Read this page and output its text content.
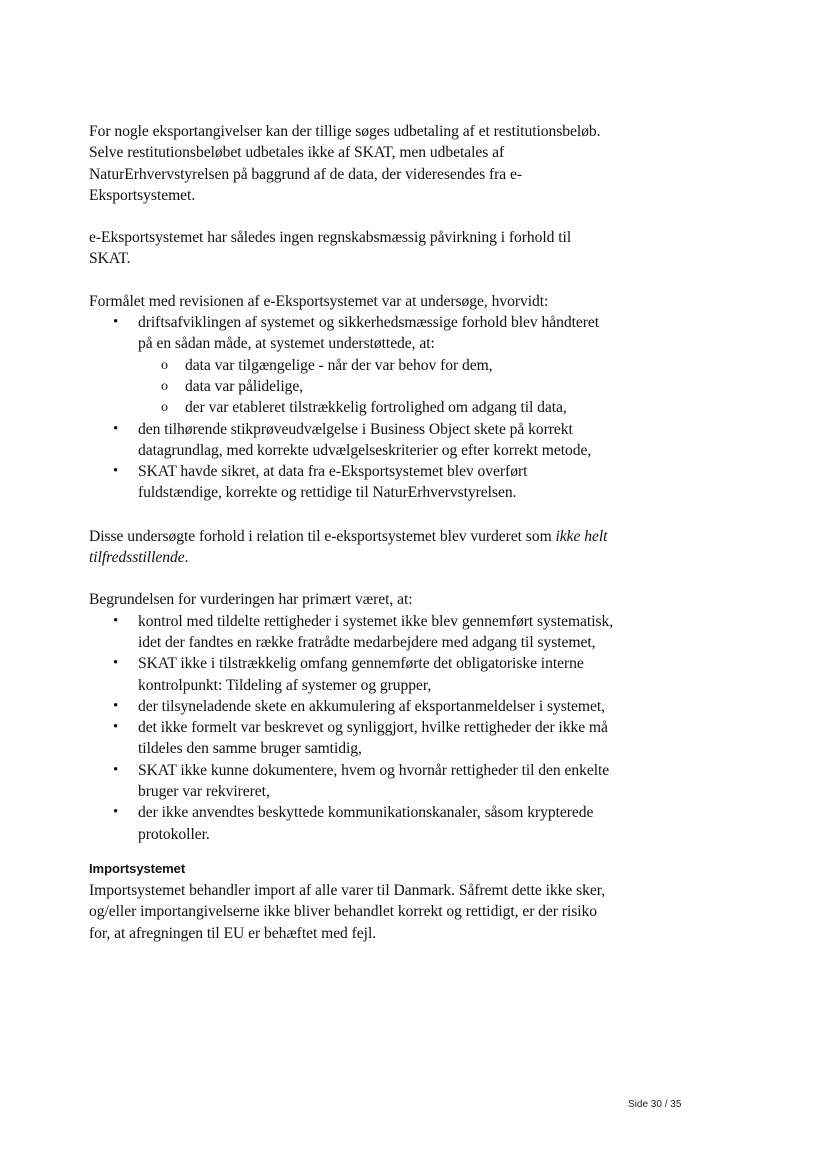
For nogle eksportangivelser kan der tillige søges udbetaling af et restitutionsbeløb. Selve restitutionsbeløbet udbetales ikke af SKAT, men udbetales af NaturErhvervstyrelsen på baggrund af de data, der videresendes fra e-Eksportsystemet.

e-Eksportsystemet har således ingen regnskabsmæssig påvirkning i forhold til SKAT.

Formålet med revisionen af e-Eksportsystemet var at undersøge, hvorvidt:

• driftsafviklingen af systemet og sikkerhedsmæssige forhold blev håndteret på en sådan måde, at systemet understøttede, at:
o data var tilgængelige - når der var behov for dem,
o data var pålidelige,
o der var etableret tilstrækkelig fortrolighed om adgang til data,
• den tilhørende stikprøveudvælgelse i Business Object skete på korrekt datagrundlag, med korrekte udvælgelseskriterier og efter korrekt metode,
• SKAT havde sikret, at data fra e-Eksportsystemet blev overført fuldstændige, korrekte og rettidige til NaturErhvervstyrelsen.

Disse undersøgte forhold i relation til e-eksportsystemet blev vurderet som ikke helt tilfredsstillende.

Begrundelsen for vurderingen har primært været, at:

• kontrol med tildelte rettigheder i systemet ikke blev gennemført systematisk, idet der fandtes en række fratrådte medarbejdere med adgang til systemet,
• SKAT ikke i tilstrækkelig omfang gennemførte det obligatoriske interne kontrolpunkt: Tildeling af systemer og grupper,
• der tilsyneladende skete en akkumulering af eksportanmeldelser i systemet,
• det ikke formelt var beskrevet og synliggjort, hvilke rettigheder der ikke må tildeles den samme bruger samtidig,
• SKAT ikke kunne dokumentere, hvem og hvornår rettigheder til den enkelte bruger var rekvireret,
• der ikke anvendtes beskyttede kommunikationskanaler, såsom krypterede protokoller.
Importsystemet

Importsystemet behandler import af alle varer til Danmark. Såfremt dette ikke sker, og/eller importangivelserne ikke bliver behandlet korrekt og rettidigt, er der risiko for, at afregningen til EU er behæftet med fejl.

Side 30 / 35
